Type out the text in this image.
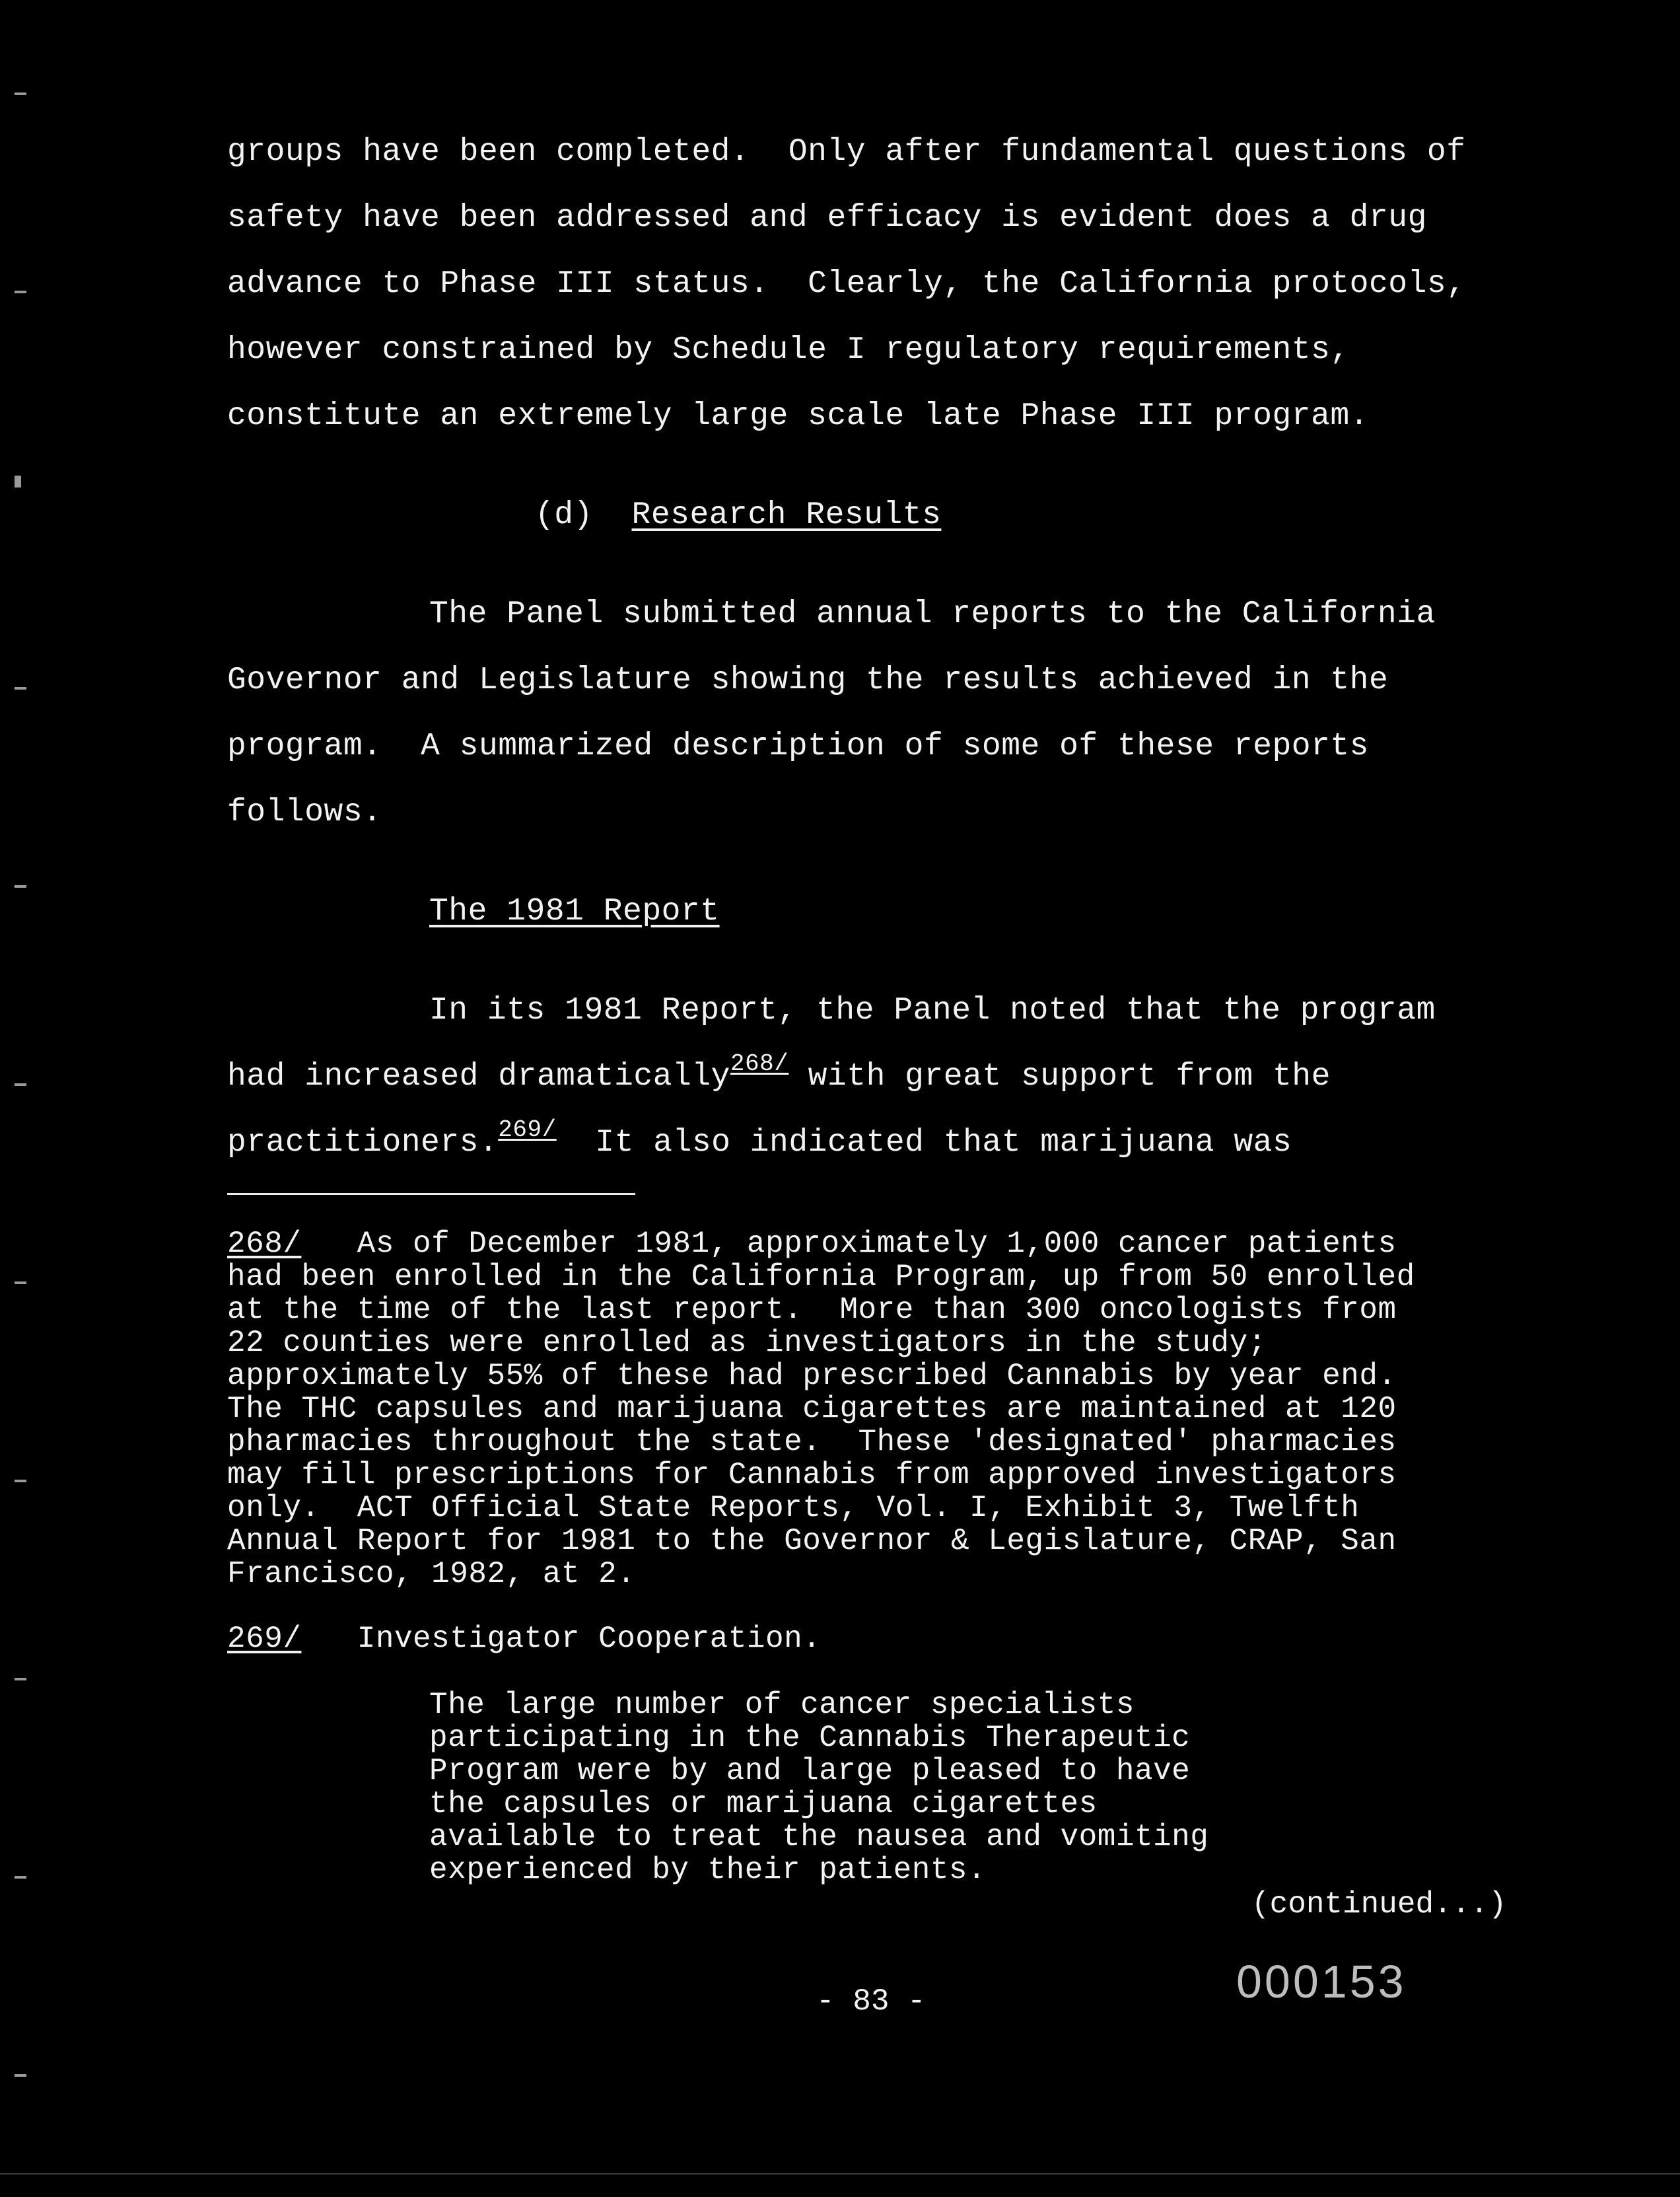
groups have been completed.  Only after fundamental questions of
safety have been addressed and efficacy is evident does a drug
advance to Phase III status.  Clearly, the California protocols,
however constrained by Schedule I regulatory requirements,
constitute an extremely large scale late Phase III program.
(d) Research Results
The Panel submitted annual reports to the California
Governor and Legislature showing the results achieved in the
program.  A summarized description of some of these reports
follows.
The 1981 Report
In its 1981 Report, the Panel noted that the program
had increased dramatically$^{268/}$ with great support from the
practitioners.$^{269/}$  It also indicated that marijuana was
268/   As of December 1981, approximately 1,000 cancer patients
had been enrolled in the California Program, up from 50 enrolled
at the time of the last report.  More than 300 oncologists from
22 counties were enrolled as investigators in the study;
approximately 55% of these had prescribed Cannabis by year end.
The THC capsules and marijuana cigarettes are maintained at 120
pharmacies throughout the state.  These 'designated' pharmacies
may fill prescriptions for Cannabis from approved investigators
only.  ACT Official State Reports, Vol. I, Exhibit 3, Twelfth
Annual Report for 1981 to the Governor & Legislature, CRAP, San
Francisco, 1982, at 2.
269/   Investigator Cooperation.
The large number of cancer specialists
participating in the Cannabis Therapeutic
Program were by and large pleased to have
the capsules or marijuana cigarettes
available to treat the nausea and vomiting
experienced by their patients.
(continued...)
000153
- 83 -
